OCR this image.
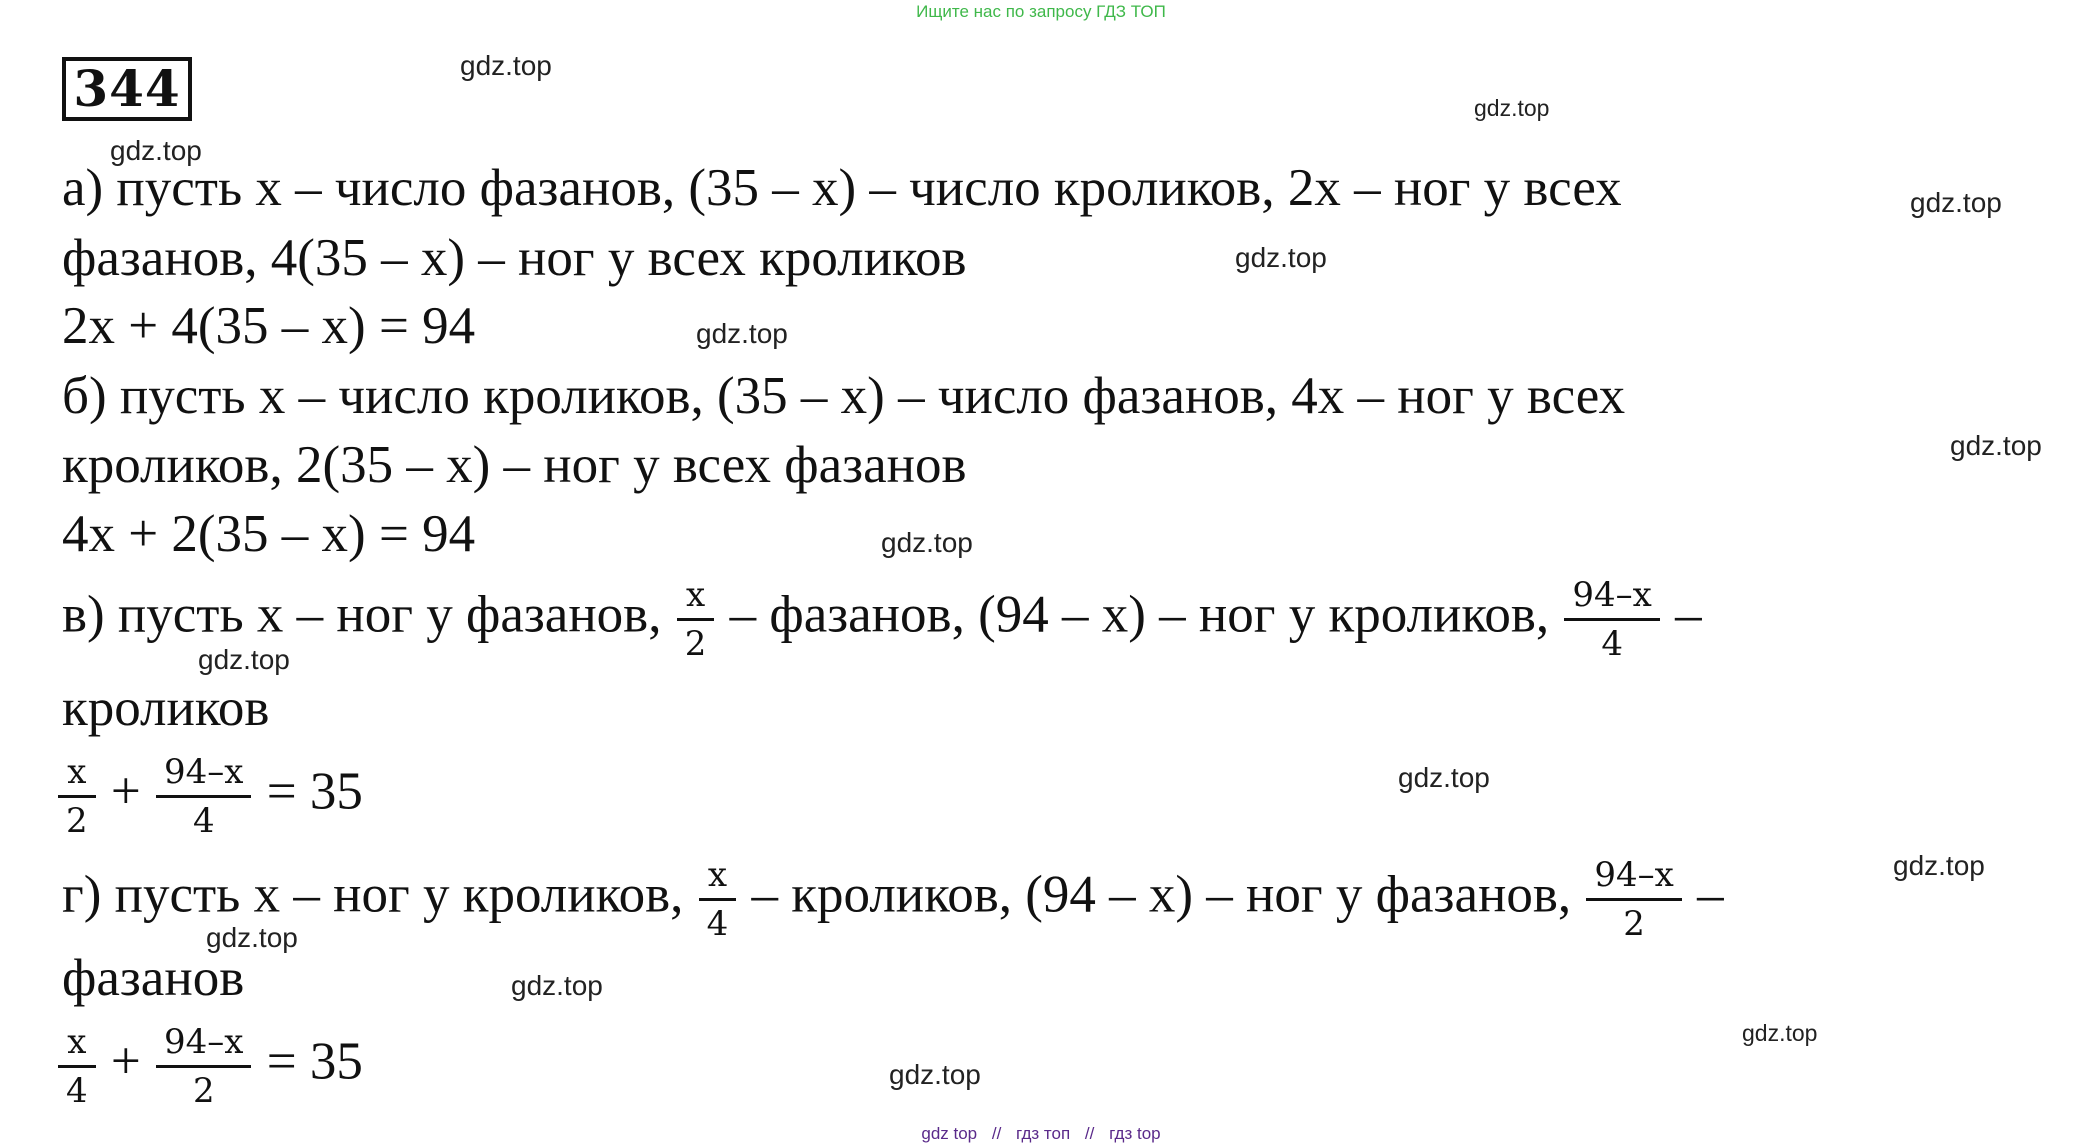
Ищите нас по запросу ГДЗ ТОП
344
а) пусть x – число фазанов, (35 – x) – число кроликов, 2x – ног у всех
фазанов, 4(35 – x) – ног у всех кроликов
2x + 4(35 – x) = 94
б) пусть x – число кроликов, (35 – x) – число фазанов, 4x – ног у всех
кроликов, 2(35 – x) – ног у всех фазанов
4x + 2(35 – x) = 94
в) пусть x – ног у фазанов, $\frac{x}{2}$ – фазанов, (94 – x) – ног у кроликов, $\frac{94-x}{4}$ –
кроликов
$\frac{x}{2} + \frac{94-x}{4} = 35$
г) пусть x – ног у кроликов, $\frac{x}{4}$ – кроликов, (94 – x) – ног у фазанов, $\frac{94-x}{2}$ –
фазанов
$\frac{x}{4} + \frac{94-x}{2} = 35$
gdz.top
gdz.top
gdz.top
gdz.top
gdz.top
gdz.top
gdz.top
gdz.top
gdz.top
gdz.top
gdz.top
gdz.top
gdz.top
gdz.top
gdz.top
gdz top // гдз топ // гдз top
